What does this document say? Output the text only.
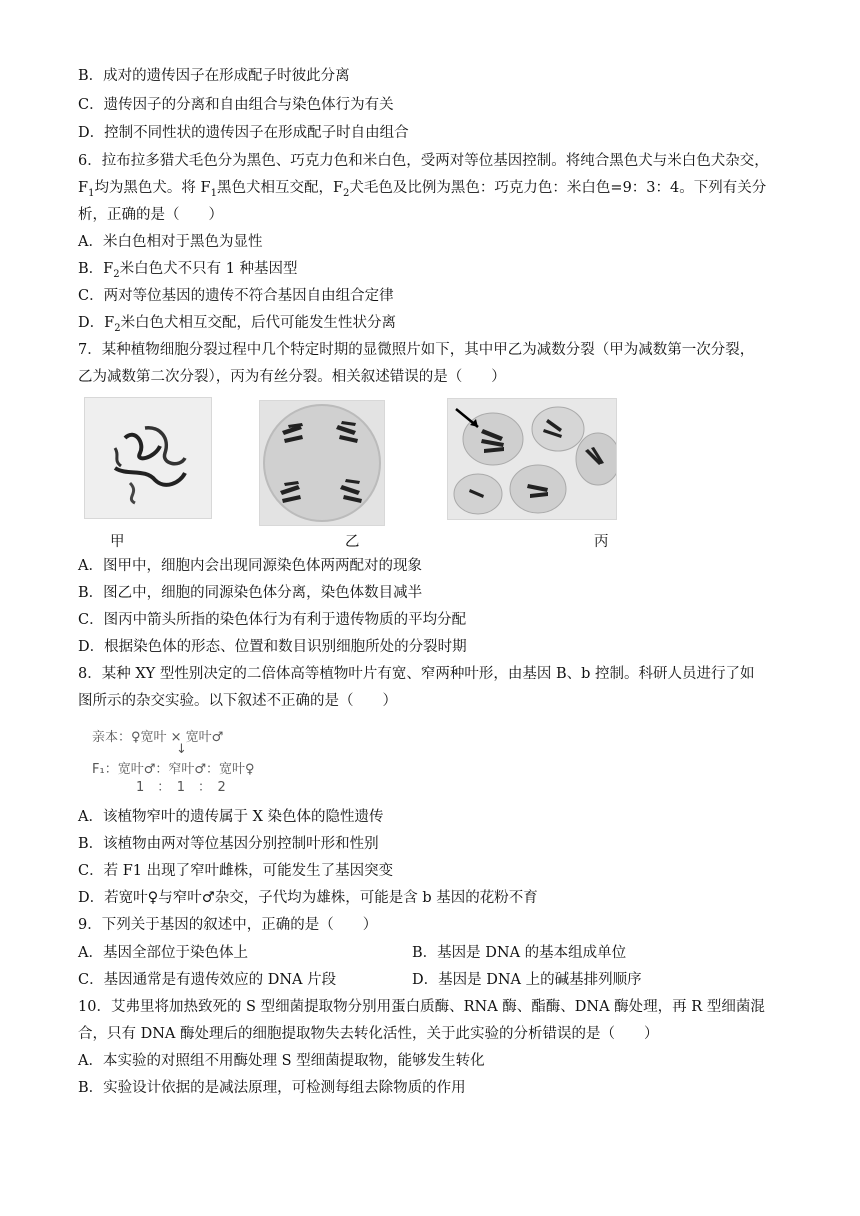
B．成对的遗传因子在形成配子时彼此分离
C．遗传因子的分离和自由组合与染色体行为有关
D．控制不同性状的遗传因子在形成配子时自由组合
6．拉布拉多猎犬毛色分为黑色、巧克力色和米白色，受两对等位基因控制。将纯合黑色犬与米白色犬杂交，
$F_1$均为黑色犬。将 $F_1$黑色犬相互交配，$F_2$犬毛色及比例为黑色：巧克力色：米白色=9：3：4。下列有关分
析，正确的是（　　）
A．米白色相对于黑色为显性
B．$F_2$米白色犬不只有 1 种基因型
C．两对等位基因的遗传不符合基因自由组合定律
D．$F_2$米白色犬相互交配，后代可能发生性状分离
7．某种植物细胞分裂过程中几个特定时期的显微照片如下，其中甲乙为减数分裂（甲为减数第一次分裂，
乙为减数第二次分裂），丙为有丝分裂。相关叙述错误的是（　　）
甲	乙	丙
A．图甲中，细胞内会出现同源染色体两两配对的现象
B．图乙中，细胞的同源染色体分离，染色体数目减半
C．图丙中箭头所指的染色体行为有利于遗传物质的平均分配
D．根据染色体的形态、位置和数目识别细胞所处的分裂时期
8．某种 XY 型性别决定的二倍体高等植物叶片有宽、窄两种叶形，由基因 B、b 控制。科研人员进行了如
图所示的杂交实验。以下叙述不正确的是（　　）
亲本：♀宽叶 × 宽叶♂
↓
F₁：宽叶♂：窄叶♂：宽叶♀
1　：　1　：　2
A．该植物窄叶的遗传属于 X 染色体的隐性遗传
B．该植物由两对等位基因分别控制叶形和性别
C．若 F1 出现了窄叶雌株，可能发生了基因突变
D．若宽叶♀与窄叶♂杂交，子代均为雄株，可能是含 b 基因的花粉不育
9．下列关于基因的叙述中，正确的是（　　）
A．基因全部位于染色体上	B．基因是 DNA 的基本组成单位
C．基因通常是有遗传效应的 DNA 片段	D．基因是 DNA 上的碱基排列顺序
10．艾弗里将加热致死的 S 型细菌提取物分别用蛋白质酶、RNA 酶、酯酶、DNA 酶处理，再 R 型细菌混
合，只有 DNA 酶处理后的细胞提取物失去转化活性，关于此实验的分析错误的是（　　）
A．本实验的对照组不用酶处理 S 型细菌提取物，能够发生转化
B．实验设计依据的是减法原理，可检测每组去除物质的作用
